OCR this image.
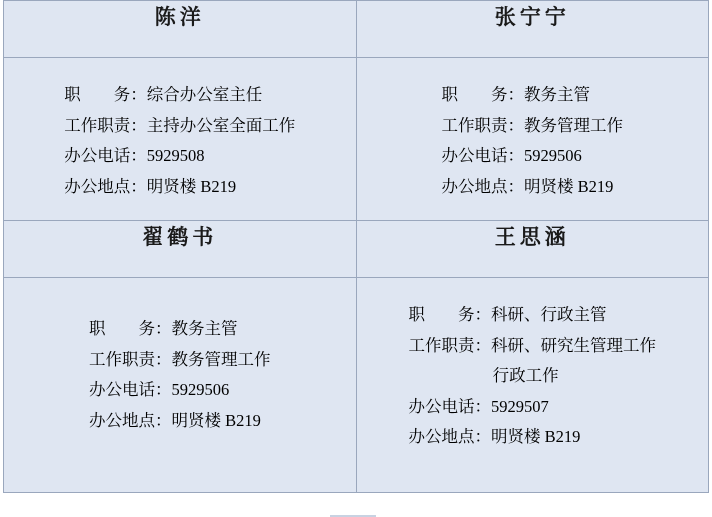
陈洋	张宁宁

职　　务：综合办公室主任
工作职责：主持办公室全面工作
办公电话：5929508
办公地点：明贤楼 B219

职　　务：教务主管
工作职责：教务管理工作
办公电话：5929506
办公地点：明贤楼 B219

翟鹤书	王思涵

职　　务：教务主管
工作职责：教务管理工作
办公电话：5929506
办公地点：明贤楼 B219

职　　务：科研、行政主管
工作职责：科研、研究生管理工作
行政工作
办公电话：5929507
办公地点：明贤楼 B219
